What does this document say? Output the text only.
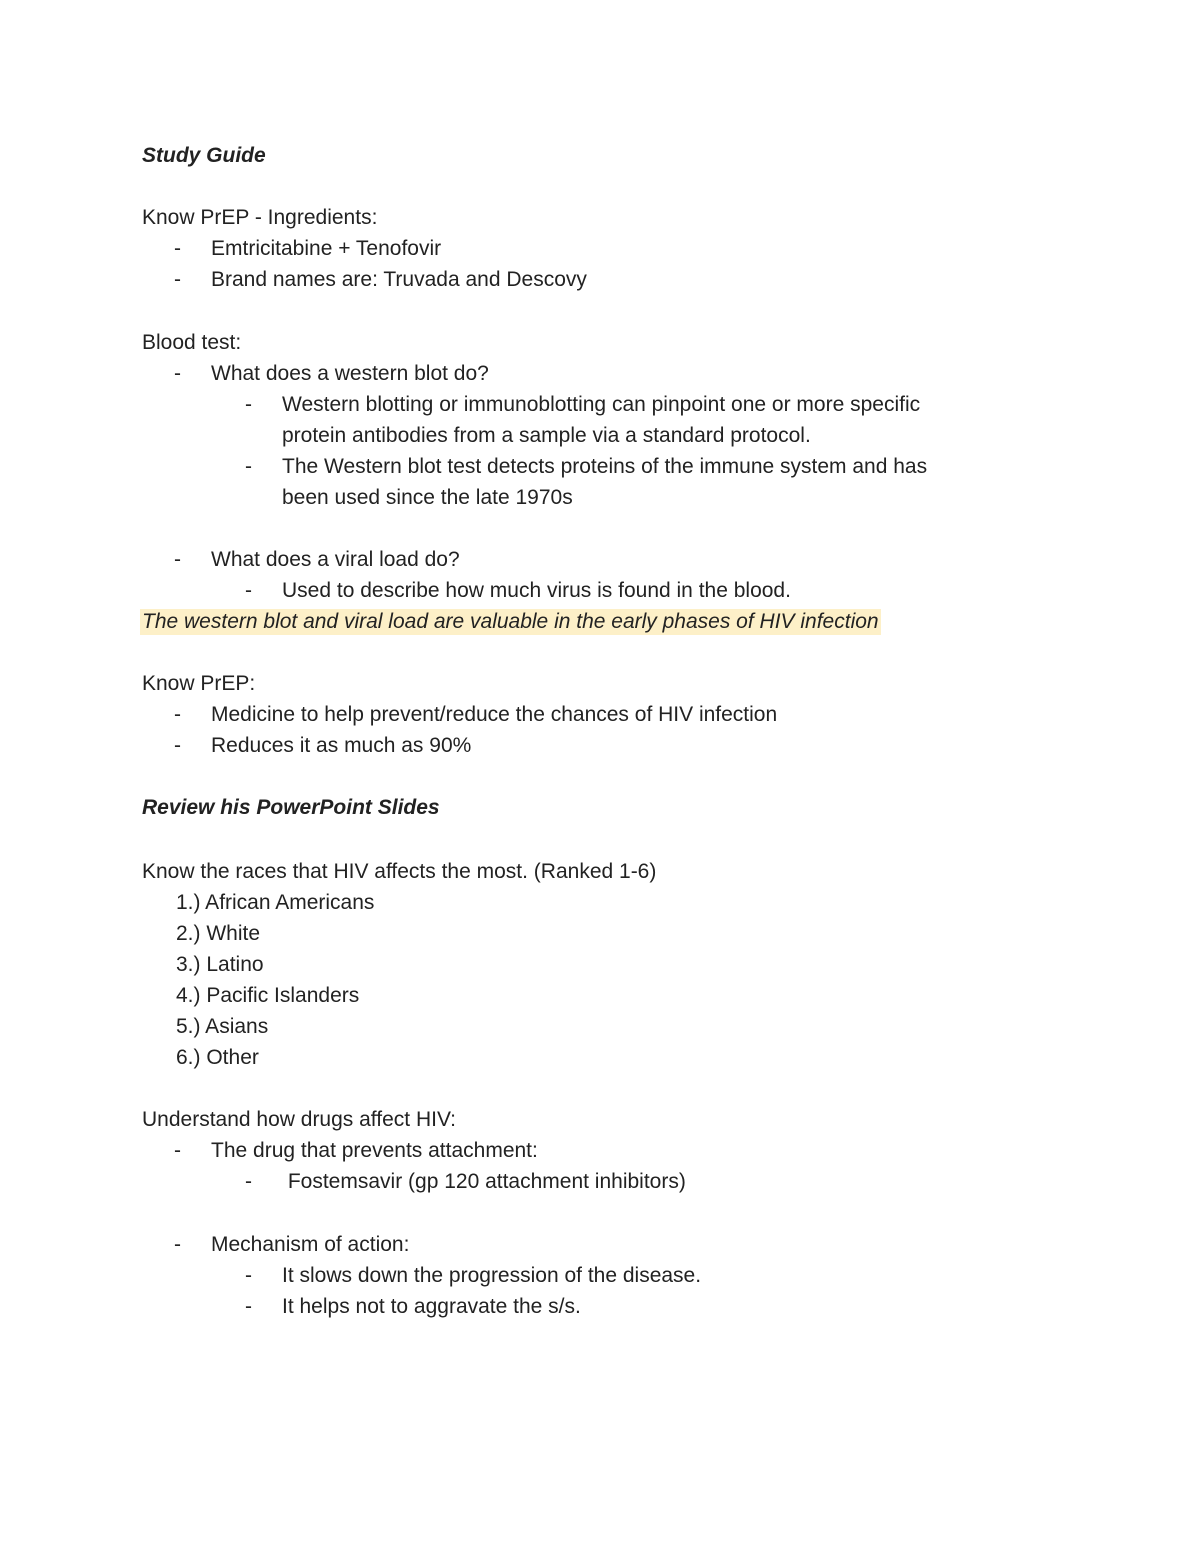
Study Guide
Know PrEP - Ingredients:
- Emtricitabine + Tenofovir
- Brand names are: Truvada and Descovy
Blood test:
- What does a western blot do?
- Western blotting or immunoblotting can pinpoint one or more specific
protein antibodies from a sample via a standard protocol.
- The Western blot test detects proteins of the immune system and has
been used since the late 1970s
- What does a viral load do?
- Used to describe how much virus is found in the blood.
The western blot and viral load are valuable in the early phases of HIV infection
Know PrEP:
- Medicine to help prevent/reduce the chances of HIV infection
- Reduces it as much as 90%
Review his PowerPoint Slides
Know the races that HIV affects the most. (Ranked 1-6)
1.) African Americans
2.) White
3.) Latino
4.) Pacific Islanders
5.) Asians
6.) Other
Understand how drugs affect HIV:
- The drug that prevents attachment:
- Fostemsavir (gp 120 attachment inhibitors)
- Mechanism of action:
- It slows down the progression of the disease.
- It helps not to aggravate the s/s.
